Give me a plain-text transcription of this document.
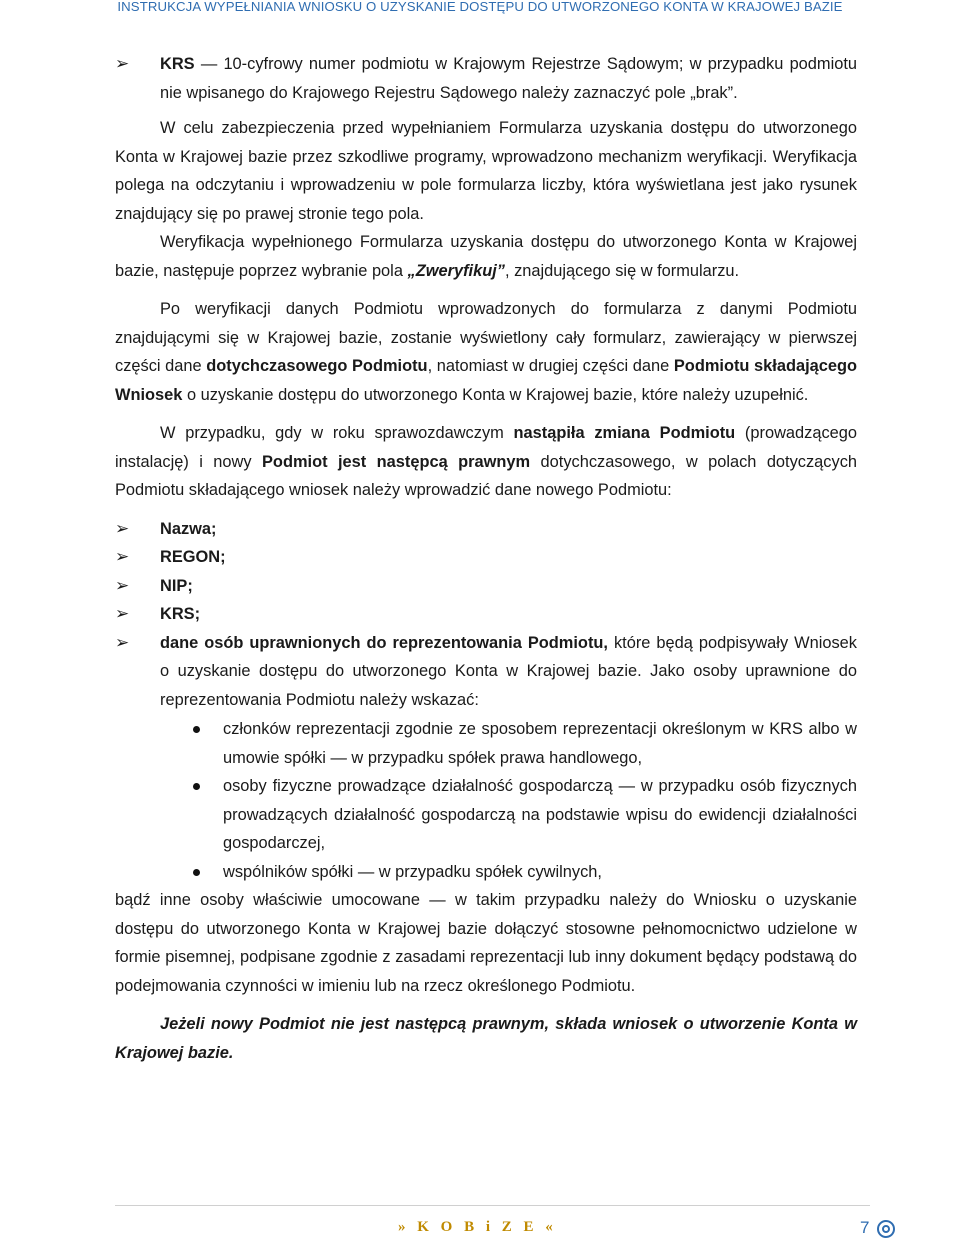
INSTRUKCJA WYPEŁNIANIA WNIOSKU O UZYSKANIE DOSTĘPU DO UTWORZONEGO KONTA W KRAJOWEJ BAZIE
➢ KRS — 10-cyfrowy numer podmiotu w Krajowym Rejestrze Sądowym; w przypadku podmiotu nie wpisanego do Krajowego Rejestru Sądowego należy zaznaczyć pole „brak”.

W celu zabezpieczenia przed wypełnianiem Formularza uzyskania dostępu do utworzonego Konta w Krajowej bazie przez szkodliwe programy, wprowadzono mechanizm weryfikacji. Weryfikacja polega na odczytaniu i wprowadzeniu w pole formularza liczby, która wyświetlana jest jako rysunek znajdujący się po prawej stronie tego pola.

Weryfikacja wypełnionego Formularza uzyskania dostępu do utworzonego Konta w Krajowej bazie, następuje poprzez wybranie pola „Zweryfikuj”, znajdującego się w formularzu.

Po weryfikacji danych Podmiotu wprowadzonych do formularza z danymi Podmiotu znajdującymi się w Krajowej bazie, zostanie wyświetlony cały formularz, zawierający w pierwszej części dane dotychczasowego Podmiotu, natomiast w drugiej części dane Podmiotu składającego Wniosek o uzyskanie dostępu do utworzonego Konta w Krajowej bazie, które należy uzupełnić.

W przypadku, gdy w roku sprawozdawczym nastąpiła zmiana Podmiotu (prowadzącego instalację) i nowy Podmiot jest następcą prawnym dotychczasowego, w polach dotyczących Podmiotu składającego wniosek należy wprowadzić dane nowego Podmiotu:

➢ Nazwa;

➢ REGON;

➢ NIP;

➢ KRS;

➢ dane osób uprawnionych do reprezentowania Podmiotu, które będą podpisywały Wniosek o uzyskanie dostępu do utworzonego Konta w Krajowej bazie. Jako osoby uprawnione do reprezentowania Podmiotu należy wskazać:

członków reprezentacji zgodnie ze sposobem reprezentacji określonym w KRS albo w umowie spółki — w przypadku spółek prawa handlowego,

osoby fizyczne prowadzące działalność gospodarczą — w przypadku osób fizycznych prowadzących działalność gospodarczą na podstawie wpisu do ewidencji działalności gospodarczej,

wspólników spółki — w przypadku spółek cywilnych,

bądź inne osoby właściwie umocowane — w takim przypadku należy do Wniosku o uzyskanie dostępu do utworzonego Konta w Krajowej bazie dołączyć stosowne pełnomocnictwo udzielone w formie pisemnej, podpisane zgodnie z zasadami reprezentacji lub inny dokument będący podstawą do podejmowania czynności w imieniu lub na rzecz określonego Podmiotu.

Jeżeli nowy Podmiot nie jest następcą prawnym, składa wniosek o utworzenie Konta w Krajowej bazie.

» K O B i Z E «	7
